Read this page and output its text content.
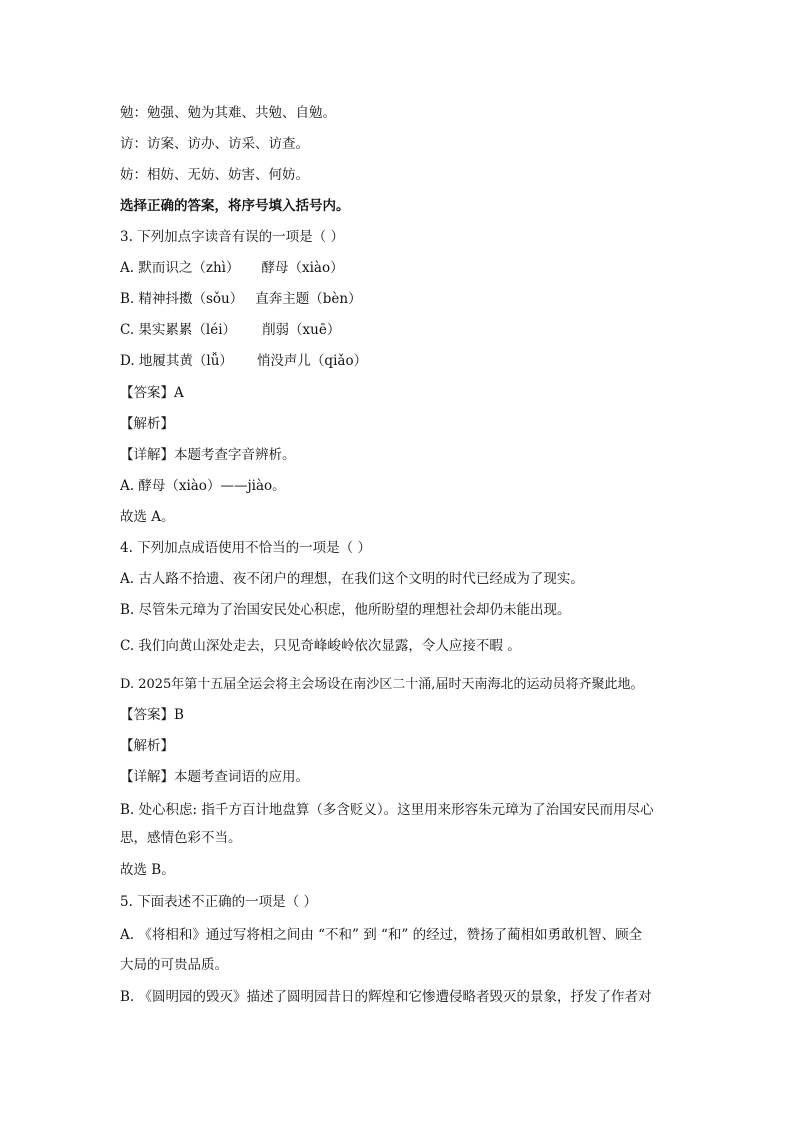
勉：勉强、勉为其难、共勉、自勉。
访：访案、访办、访采、访查。
妨：相妨、无妨、妨害、何妨。
选择正确的答案，将序号填入括号内。
3. 下列加点字读音有误的一项是（ ）
A. 默而识之（zhì） 酵母（xiào）
B. 精神抖擞（sǒu） 直奔主题（bèn）
C. 果实累累（léi） 削弱（xuē）
D. 地履其黄（lǚ） 悄没声儿（qiǎo）
【答案】A
【解析】
【详解】本题考查字音辨析。
A. 酵母（xiào）——jiào。
故选 A。
4. 下列加点成语使用不恰当的一项是（ ）
A. 古人路不拾遗、夜不闭户的理想，在我们这个文明的时代已经成为了现实。
B. 尽管朱元璋为了治国安民处心积虑，他所盼望的理想社会却仍未能出现。
C. 我们向黄山深处走去，只见奇峰峻岭依次显露，令人应接不暇 。
D. 2025年第十五届全运会将主会场设在南沙区二十涌,届时天南海北的运动员将齐聚此地。
【答案】B
【解析】
【详解】本题考查词语的应用。
B. 处心积虑: 指千方百计地盘算（多含贬义）。这里用来形容朱元璋为了治国安民而用尽心
思，感情色彩不当。
故选 B。
5. 下面表述不正确的一项是（ ）
A. 《将相和》通过写将相之间由 “不和” 到 “和” 的经过，赞扬了蔺相如勇敢机智、顾全
大局的可贵品质。
B. 《圆明园的毁灭》描述了圆明园昔日的辉煌和它惨遭侵略者毁灭的景象，抒发了作者对
